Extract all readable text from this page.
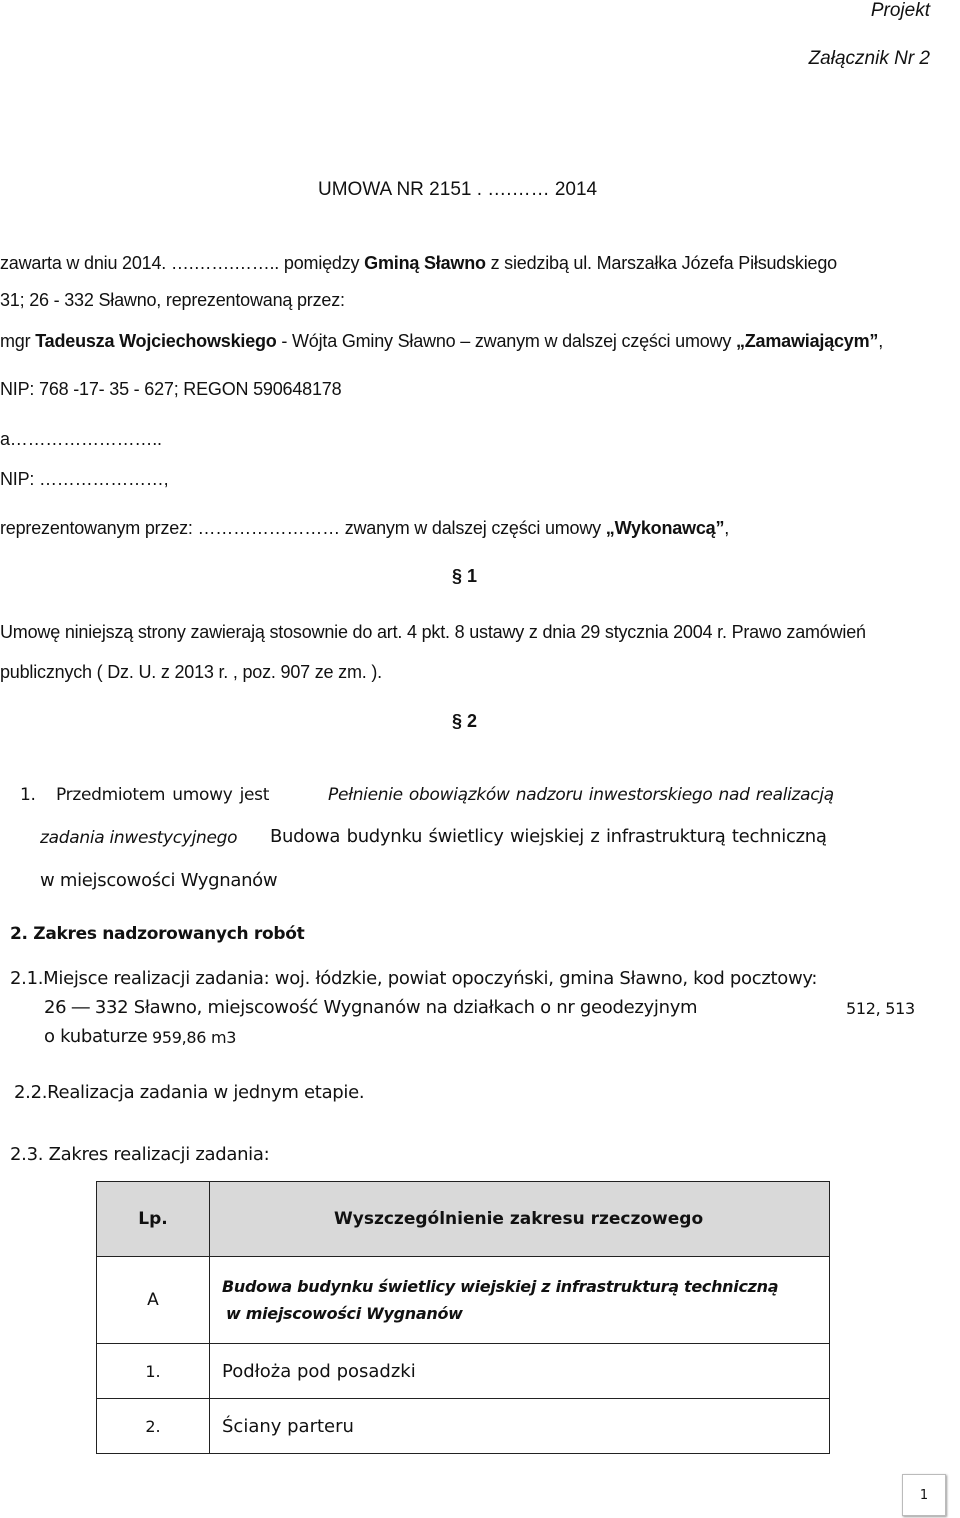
Projekt
Załącznik Nr 2
UMOWA NR 2151 . ….…… 2014
zawarta w dniu 2014. ….…….…….. pomiędzy Gminą Sławno z siedzibą ul. Marszałka Józefa Piłsudskiego
31; 26 - 332 Sławno, reprezentowaną przez:
mgr Tadeusza Wojciechowskiego - Wójta Gminy Sławno – zwanym w dalszej części umowy „Zamawiającym”,
NIP: 768 -17- 35 - 627; REGON 590648178
a……………………..
NIP: …………………,
reprezentowanym przez: …………………… zwanym w dalszej części umowy „Wykonawcą”,
§ 1
Umowę niniejszą strony zawierają stosownie do art. 4 pkt. 8 ustawy z dnia 29 stycznia 2004 r. Prawo zamówień
publicznych ( Dz. U. z 2013 r. , poz. 907 ze zm. ).
§ 2
1. Przedmiotem umowy jest	Pełnienie obowiązków nadzoru inwestorskiego nad realizacją
zadania inwestycyjnego Budowa budynku świetlicy wiejskiej z infrastrukturą techniczną
w miejscowości Wygnanów
2. Zakres nadzorowanych robót
2.1.Miejsce realizacji zadania: woj. łódzkie, powiat opoczyński, gmina Sławno, kod pocztowy:
26 ― 332 Sławno, miejscowość Wygnanów na działkach o nr geodezyjnym	512, 513
o kubaturze 959,86 m3
2.2.Realizacja zadania w jednym etapie.
2.3. Zakres realizacji zadania:
Lp.	Wyszczególnienie zakresu rzeczowego
A	Budowa budynku świetlicy wiejskiej z infrastrukturą techniczną
w miejscowości Wygnanów

1.	Podłoża pod posadzki
2.	Ściany parteru
1
